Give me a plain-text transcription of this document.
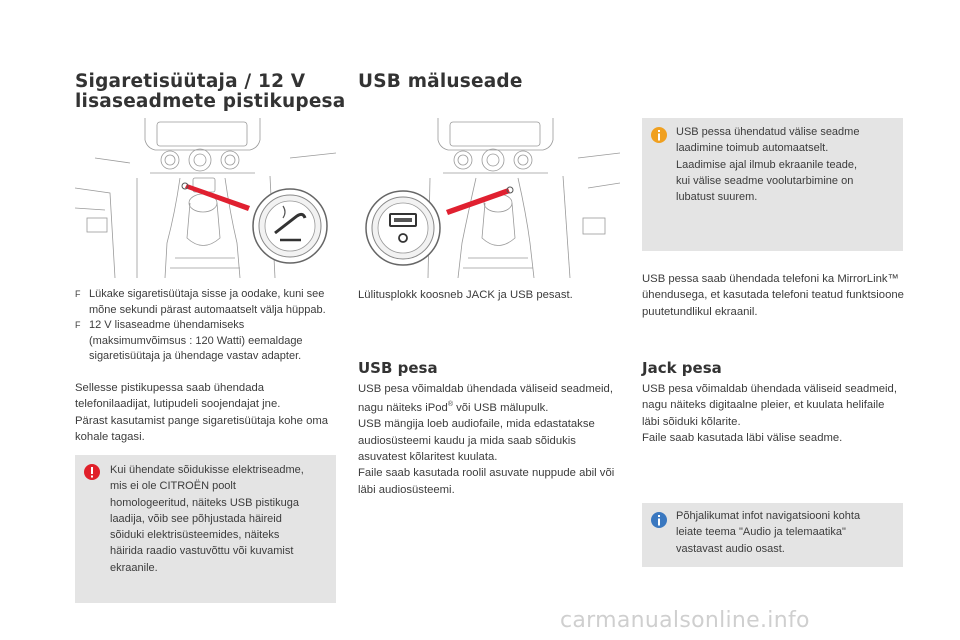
Sigaretisüütaja / 12 V
lisaseadmete pistikupesa
F Lükake sigaretisüütaja sisse ja oodake, kuni see mõne sekundi pärast automaatselt välja hüppab.
F 12 V lisaseadme ühendamiseks (maksimumvõimsus : 120 Watti) eemaldage sigaretisüütaja ja ühendage vastav adapter.
Sellesse pistikupessa saab ühendada telefonilaadijat, lutipudeli soojendajat jne.
Pärast kasutamist pange sigaretisüütaja kohe oma kohale tagasi.
Kui ühendate sõidukisse elektriseadme, mis ei ole CITROËN poolt homologeeritud, näiteks USB pistikuga laadija, võib see põhjustada häireid sõiduki elektrisüsteemides, näiteks häirida raadio vastuvõttu või kuvamist ekraanile.
USB mäluseade
Lülitusplokk koosneb JACK ja USB pesast.
USB pesa
USB pesa võimaldab ühendada väliseid seadmeid, nagu näiteks iPod® või USB mälupulk.
USB mängija loeb audiofaile, mida edastatakse audiosüsteemi kaudu ja mida saab sõidukis asuvatest kõlaritest kuulata.
Faile saab kasutada roolil asuvate nuppude abil või läbi audiosüsteemi.
USB pessa ühendatud välise seadme laadimine toimub automaatselt. Laadimise ajal ilmub ekraanile teade, kui välise seadme voolutarbimine on lubatust suurem.
USB pessa saab ühendada telefoni ka MirrorLink™ ühendusega, et kasutada telefoni teatud funktsioone puutetundlikul ekraanil.
Jack pesa
USB pesa võimaldab ühendada väliseid seadmeid, nagu näiteks digitaalne pleier, et kuulata helifaile läbi sõiduki kõlarite.
Faile saab kasutada läbi välise seadme.
Põhjalikumat infot navigatsiooni kohta leiate teema "Audio ja telemaatika" vastavast audio osast.
carmanualsonline.info
